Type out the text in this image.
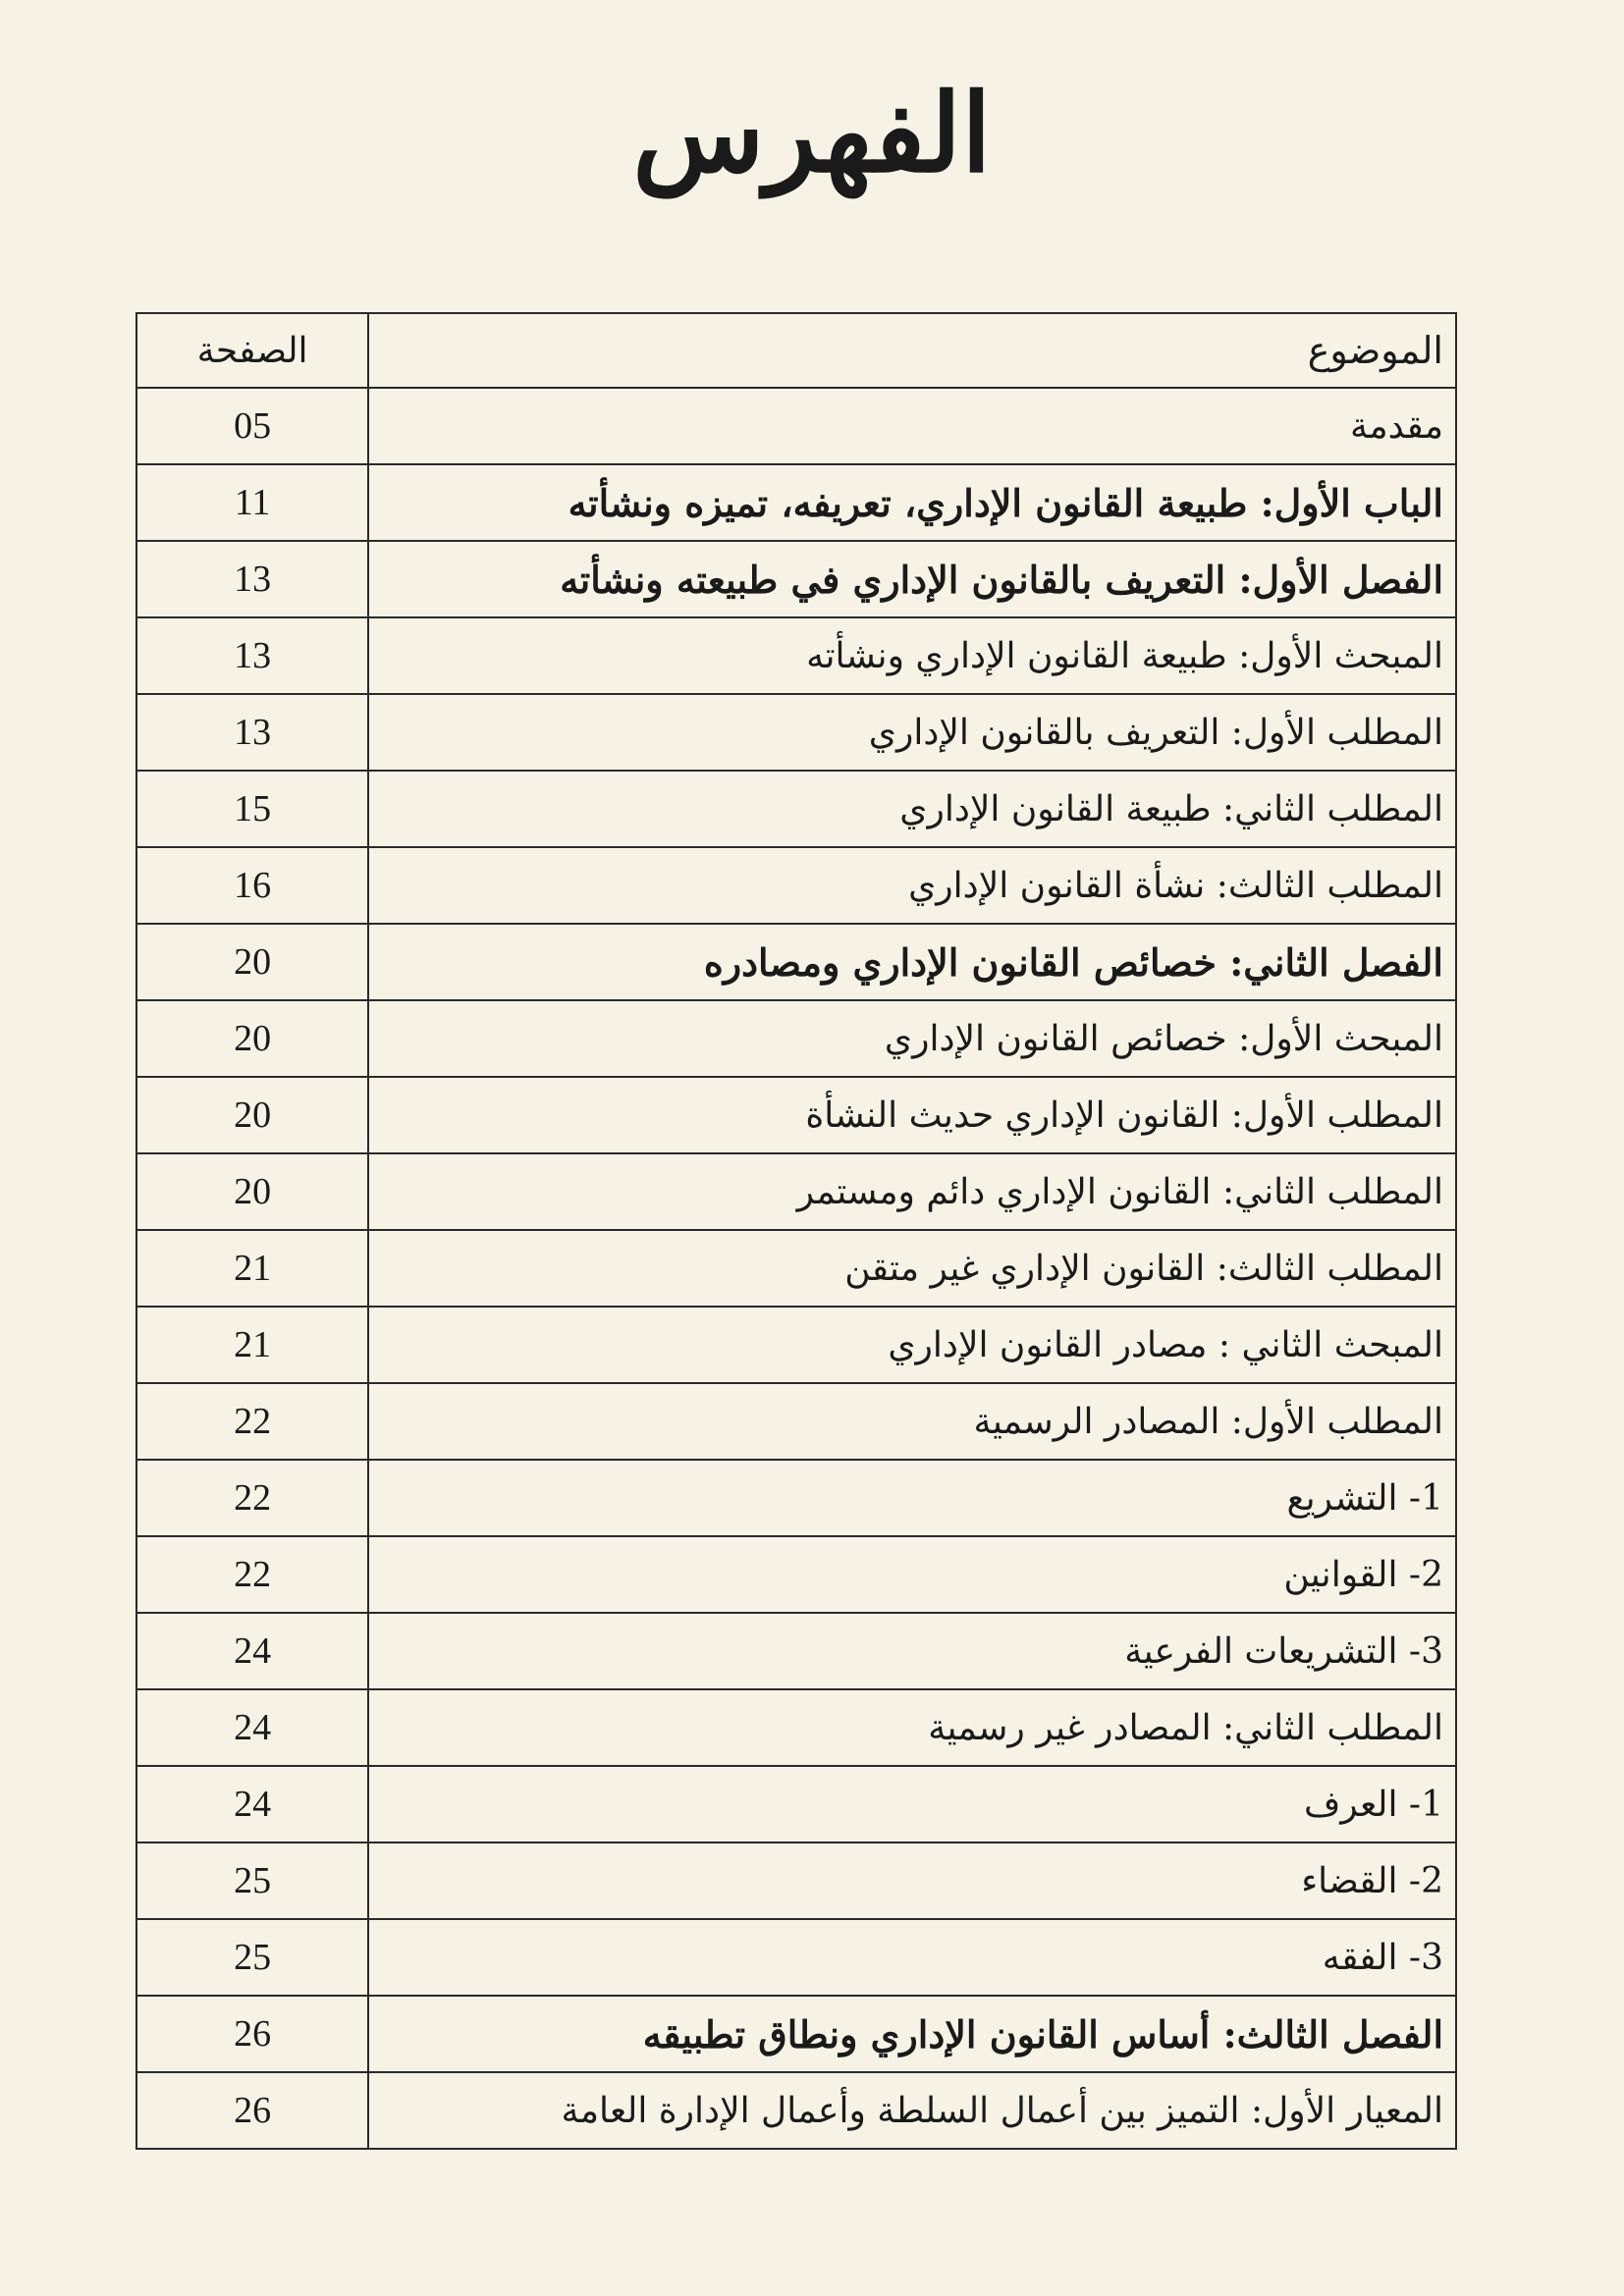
الفهرس
الموضوع	الصفحة
مقدمة	05
الباب الأول: طبيعة القانون الإداري، تعريفه، تميزه ونشأته	11
الفصل الأول: التعريف بالقانون الإداري في طبيعته ونشأته	13
المبحث الأول: طبيعة القانون الإداري ونشأته	13
المطلب الأول: التعريف بالقانون الإداري	13
المطلب الثاني: طبيعة القانون الإداري	15
المطلب الثالث: نشأة القانون الإداري	16
الفصل الثاني: خصائص القانون الإداري ومصادره	20
المبحث الأول: خصائص القانون الإداري	20
المطلب الأول: القانون الإداري حديث النشأة	20
المطلب الثاني: القانون الإداري دائم ومستمر	20
المطلب الثالث: القانون الإداري غير متقن	21
المبحث الثاني : مصادر القانون الإداري	21
المطلب الأول: المصادر الرسمية	22
1- التشريع	22
2- القوانين	22
3- التشريعات الفرعية	24
المطلب الثاني: المصادر غير رسمية	24
1- العرف	24
2- القضاء	25
3- الفقه	25
الفصل الثالث: أساس القانون الإداري ونطاق تطبيقه	26
المعيار الأول: التميز بين أعمال السلطة وأعمال الإدارة العامة	26
